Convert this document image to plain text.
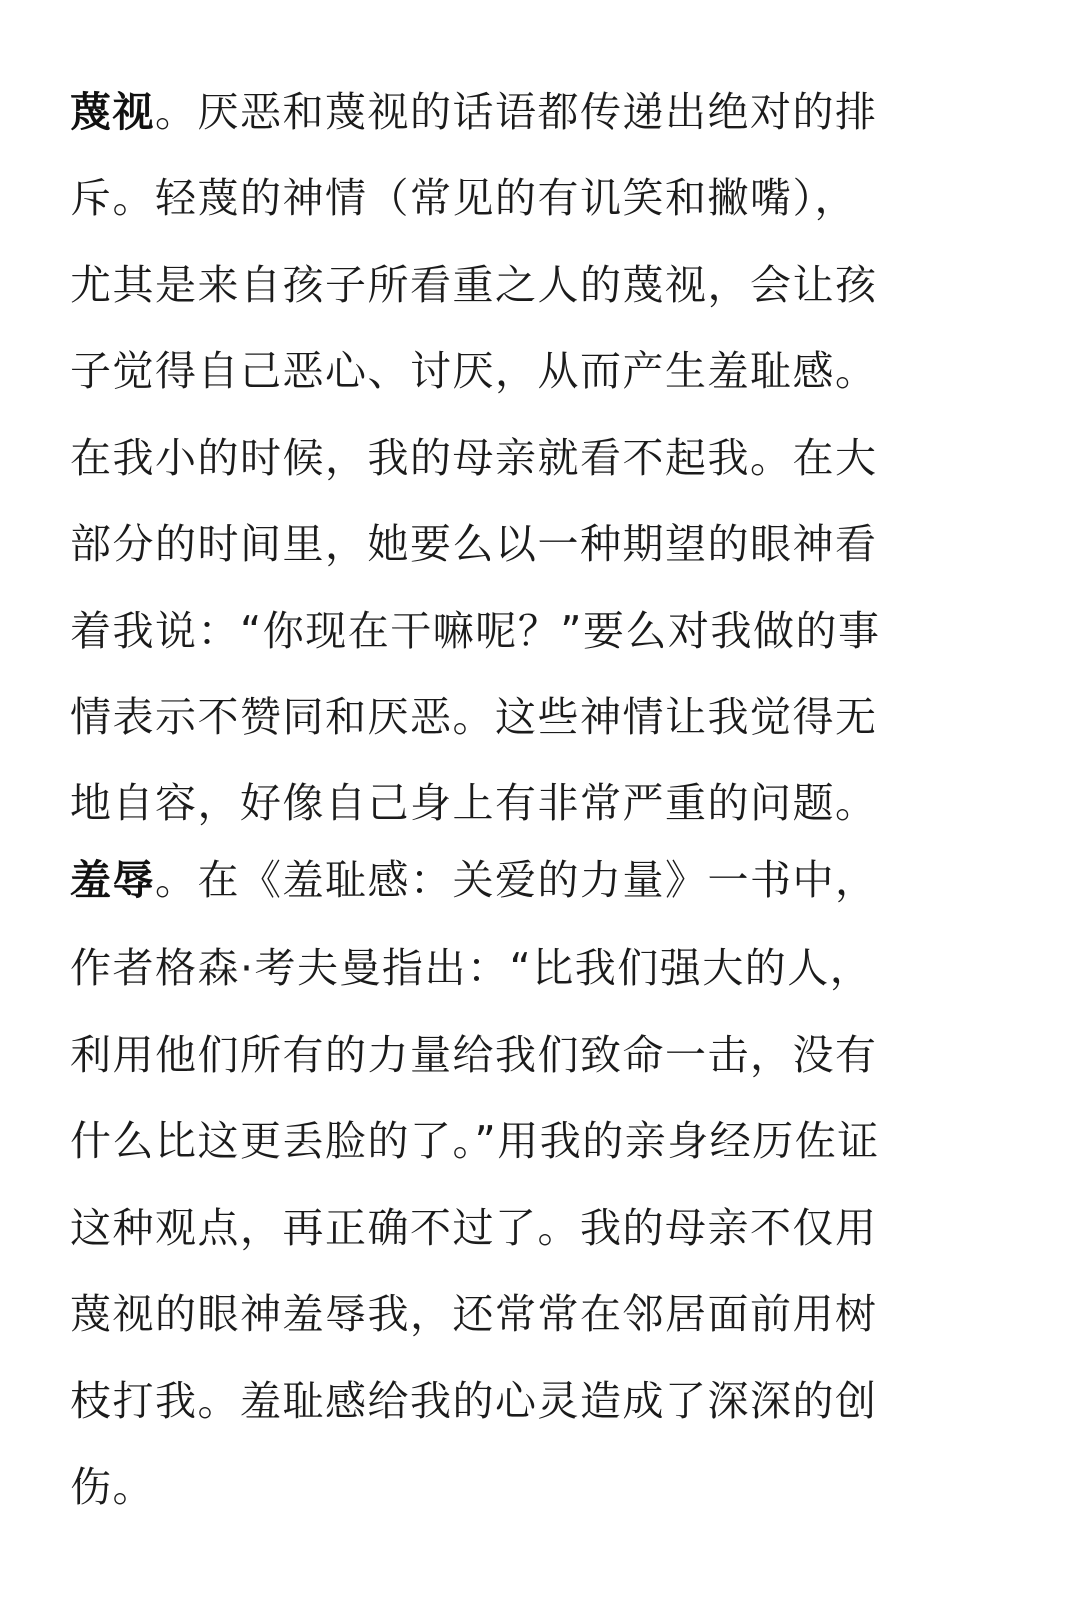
蔑视。厌恶和蔑视的话语都传递出绝对的排
斥。轻蔑的神情（常见的有讥笑和撇嘴），
尤其是来自孩子所看重之人的蔑视，会让孩
子觉得自己恶心、讨厌，从而产生羞耻感。
在我小的时候，我的母亲就看不起我。在大
部分的时间里，她要么以一种期望的眼神看
着我说：“你现在干嘛呢？”要么对我做的事
情表示不赞同和厌恶。这些神情让我觉得无
地自容，好像自己身上有非常严重的问题。
羞辱。在《羞耻感：关爱的力量》一书中，
作者格森·考夫曼指出：“比我们强大的人，
利用他们所有的力量给我们致命一击，没有
什么比这更丢脸的了。”用我的亲身经历佐证
这种观点，再正确不过了。我的母亲不仅用
蔑视的眼神羞辱我，还常常在邻居面前用树
枝打我。羞耻感给我的心灵造成了深深的创
伤。
